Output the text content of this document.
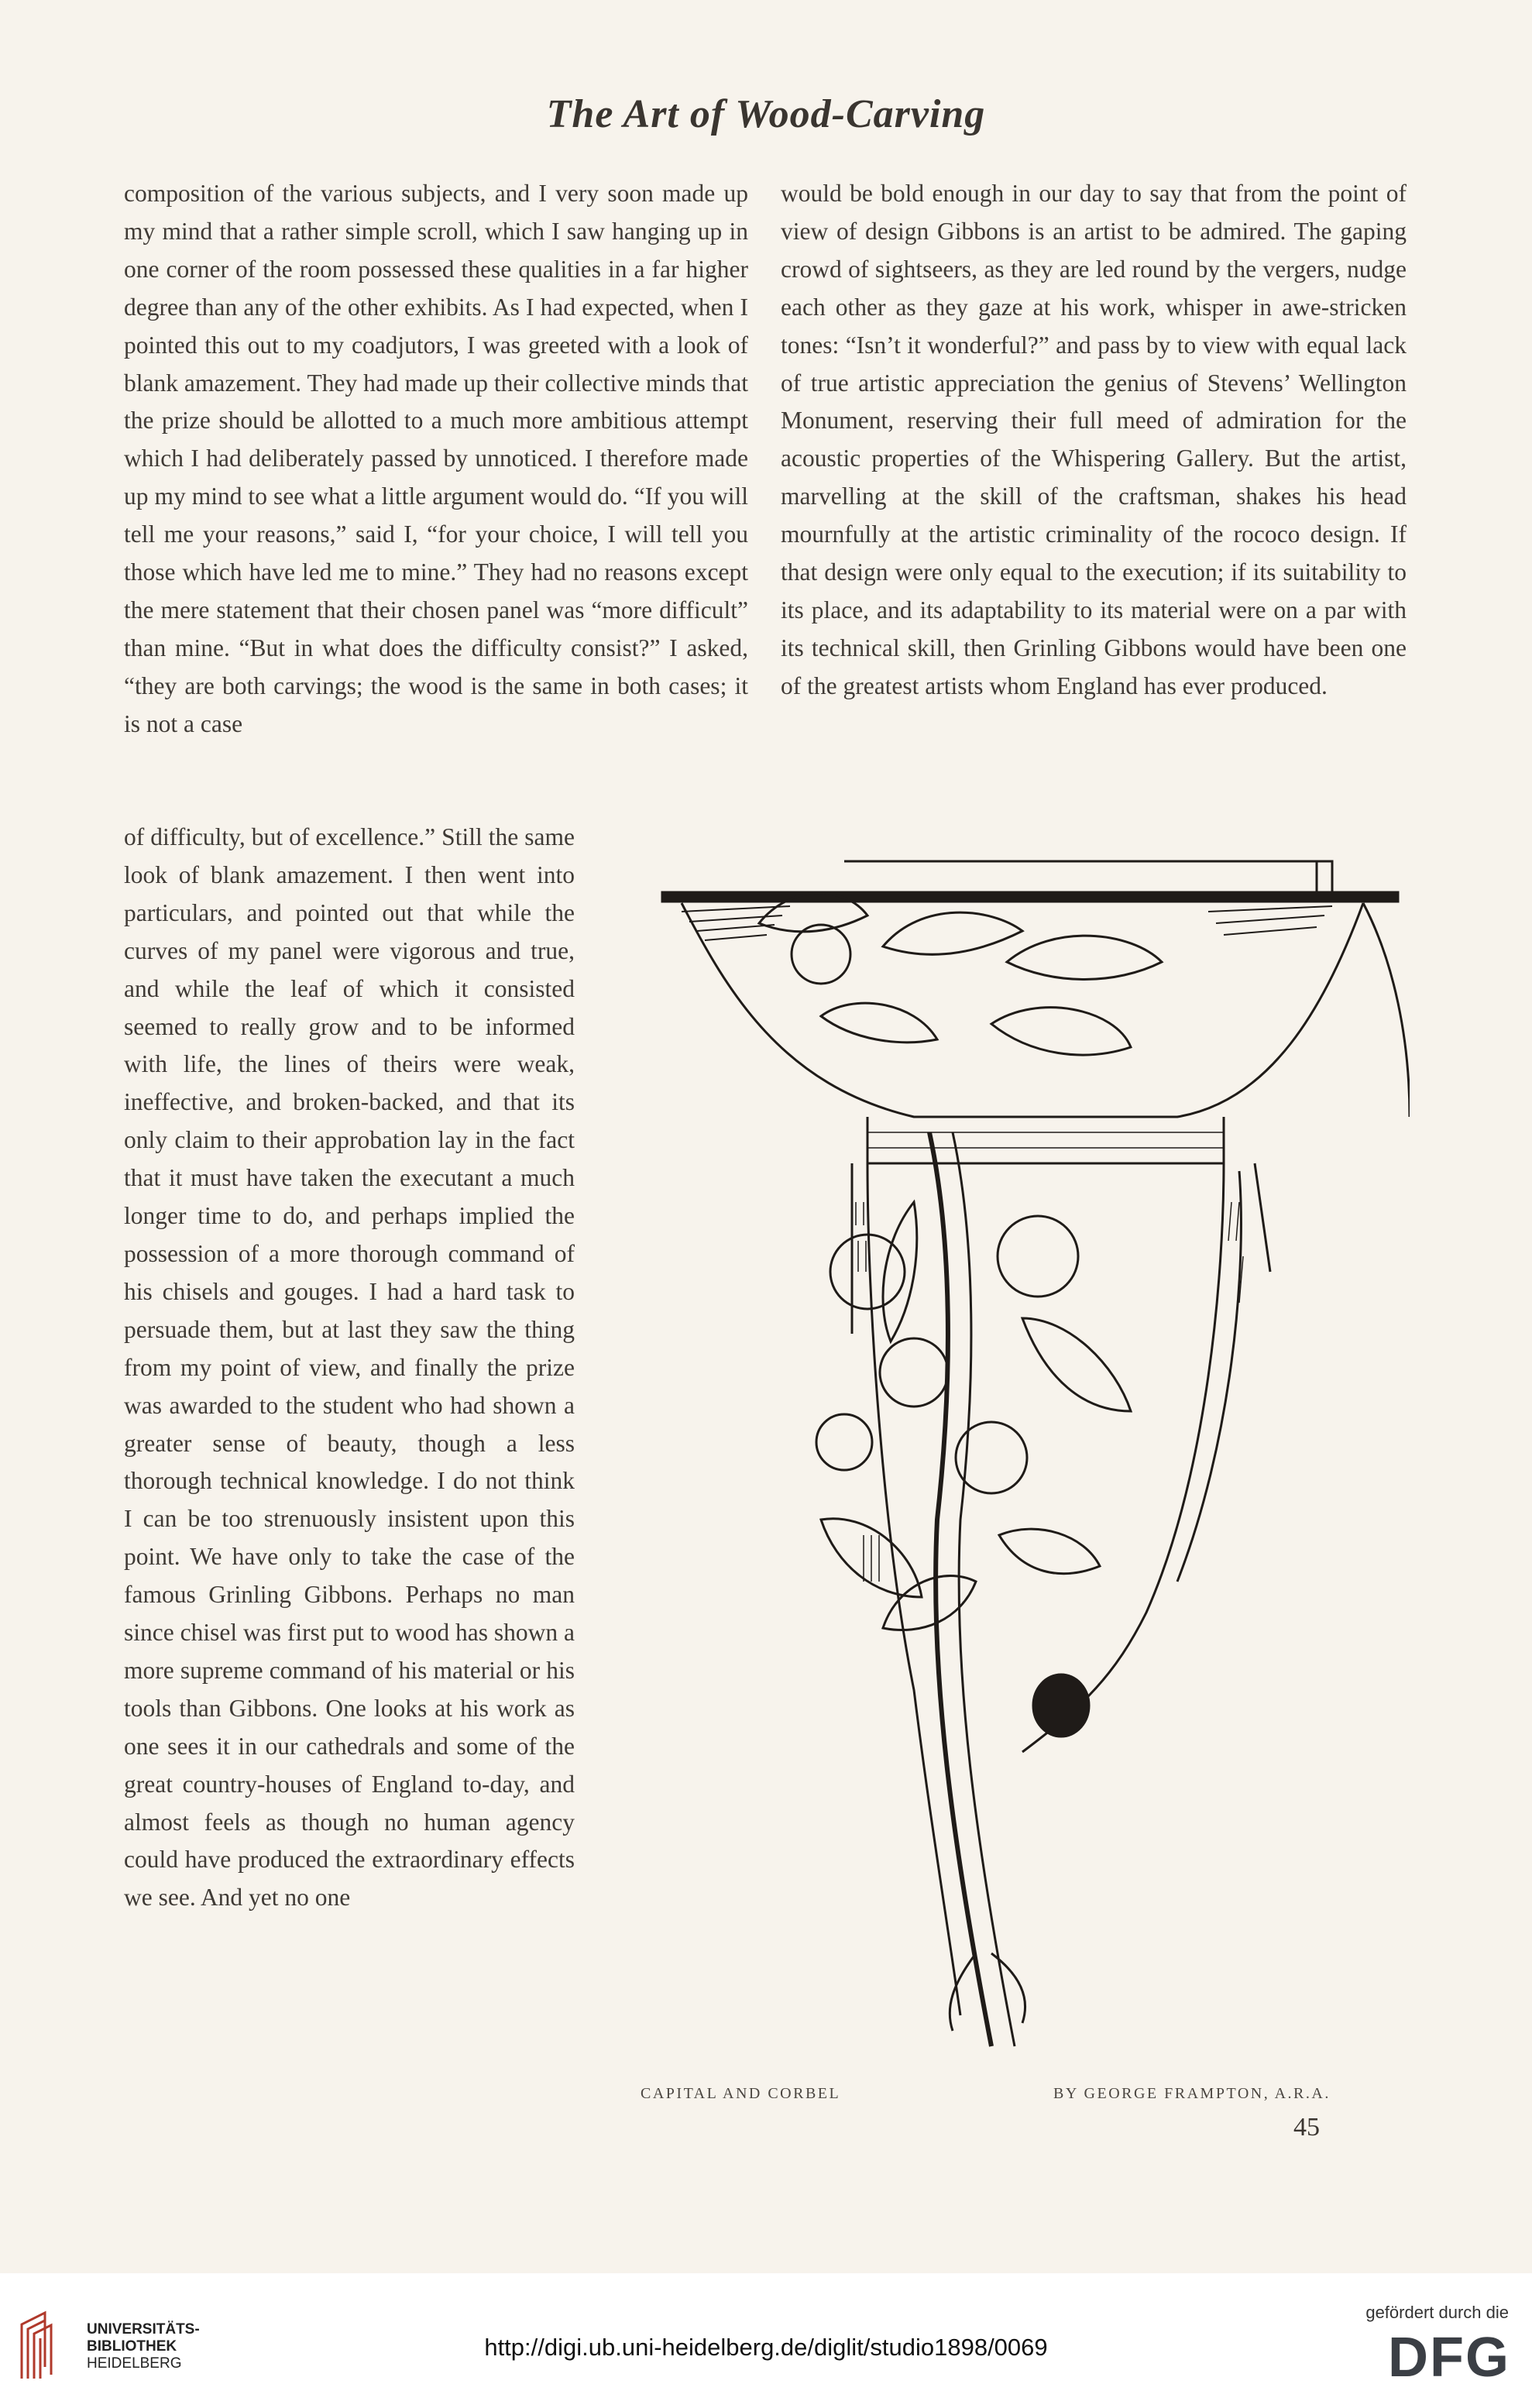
The Art of Wood-Carving

composition of the various subjects, and I very soon made up my mind that a rather simple scroll, which I saw hanging up in one corner of the room possessed these qualities in a far higher degree than any of the other exhibits. As I had expected, when I pointed this out to my coadjutors, I was greeted with a look of blank amazement. They had made up their collective minds that the prize should be allotted to a much more ambitious attempt which I had deliberately passed by unnoticed. I therefore made up my mind to see what a little argument would do. “If you will tell me your reasons,” said I, “for your choice, I will tell you those which have led me to mine.” They had no reasons except the mere statement that their chosen panel was “more difficult” than mine. “But in what does the difficulty consist?” I asked, “they are both carvings; the wood is the same in both cases; it is not a case

would be bold enough in our day to say that from the point of view of design Gibbons is an artist to be admired. The gaping crowd of sightseers, as they are led round by the vergers, nudge each other as they gaze at his work, whisper in awe-stricken tones: “Isn’t it wonderful?” and pass by to view with equal lack of true artistic appreciation the genius of Stevens’ Wellington Monument, reserving their full meed of admiration for the acoustic properties of the Whispering Gallery. But the artist, marvelling at the skill of the craftsman, shakes his head mournfully at the artistic criminality of the rococo design. If that design were only equal to the execution; if its suitability to its place, and its adaptability to its material were on a par with its technical skill, then Grinling Gibbons would have been one of the greatest artists whom England has ever produced.

of difficulty, but of excellence.” Still the same look of blank amazement. I then went into particulars, and pointed out that while the curves of my panel were vigorous and true, and while the leaf of which it consisted seemed to really grow and to be informed with life, the lines of theirs were weak, ineffective, and broken-backed, and that its only claim to their approbation lay in the fact that it must have taken the executant a much longer time to do, and perhaps implied the possession of a more thorough command of his chisels and gouges. I had a hard task to persuade them, but at last they saw the thing from my point of view, and finally the prize was awarded to the student who had shown a greater sense of beauty, though a less thorough technical knowledge. I do not think I can be too strenuously insistent upon this point. We have only to take the case of the famous Grinling Gibbons. Perhaps no man since chisel was first put to wood has shown a more supreme command of his material or his tools than Gibbons. One looks at his work as one sees it in our cathedrals and some of the great country-houses of England to-day, and almost feels as though no human agency could have produced the extraordinary effects we see. And yet no one

CAPITAL AND CORBEL	BY GEORGE FRAMPTON, A.R.A.

45

UNIVERSITÄTS-
BIBLIOTHEK
HEIDELBERG
http://digi.ub.uni-heidelberg.de/diglit/studio1898/0069
gefördert durch die
DFG
